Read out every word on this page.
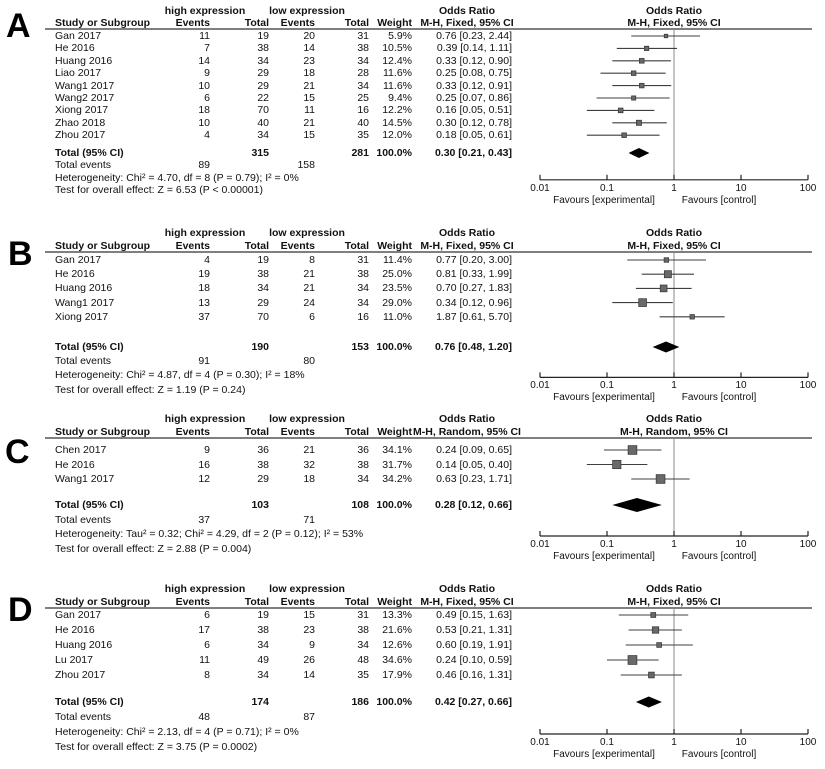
A	high expression	low expression	Odds Ratio	Odds Ratio
Study or Subgroup	Events	Total	Events	Total Weight M-H, Fixed, 95% CI	M-H, Fixed, 95% CI
Gan 2017	11	19	20	31	5.9%	0.76 [0.23, 2.44]
He 2016	7	38	14	38	10.5%	0.39 [0.14, 1.11]
Huang 2016	14	34	23	34	12.4%	0.33 [0.12, 0.90]
Liao 2017	9	29	18	28	11.6%	0.25 [0.08, 0.75]
Wang1 2017	10	29	21	34	11.6%	0.33 [0.12, 0.91]
Wang2 2017	6	22	15	25	9.4%	0.25 [0.07, 0.86]
Xiong 2017	18	70	11	16	12.2%	0.16 [0.05, 0.51]
Zhao 2018	10	40	21	40	14.5%	0.30 [0.12, 0.78]
Zhou 2017	4	34	15	35	12.0%	0.18 [0.05, 0.61]
Total (95% CI)	315	281 100.0%	0.30 [0.21, 0.43]
Total events	89	158
Heterogeneity: Chi² = 4.70, df = 8 (P = 0.79); I² = 0%
Test for overall effect: Z = 6.53 (P < 0.00001)	0.01	0.1	1	10	100
Favours [experimental]	Favours [control]
B
high expression	low expression	Odds Ratio	Odds Ratio
Study or Subgroup	Events	Total	Events	Total Weight M-H, Fixed, 95% CI	M-H, Fixed, 95% CI
Gan 2017	4	19	8	31	11.4%	0.77 [0.20, 3.00]
He 2016	19	38	21	38	25.0%	0.81 [0.33, 1.99]
Huang 2016	18	34	21	34	23.5%	0.70 [0.27, 1.83]
Wang1 2017	13	29	24	34	29.0%	0.34 [0.12, 0.96]
Xiong 2017	37	70	6	16	11.0%	1.87 [0.61, 5.70]
Total (95% CI)	190	153 100.0%	0.76 [0.48, 1.20]
Total events	91	80
Heterogeneity: Chi² = 4.87, df = 4 (P = 0.30); I² = 18%
Test for overall effect: Z = 1.19 (P = 0.24)	0.01	0.1	1	10	100
Favours [experimental]	Favours [control]
C
high expression	low expression	Odds Ratio	Odds Ratio
Study or Subgroup	Events	Total	Events	Total Weight M-H, Random, 95% CI	M-H, Random, 95% CI
Chen 2017	9	36	21	36	34.1%	0.24 [0.09, 0.65]
He 2016	16	38	32	38	31.7%	0.14 [0.05, 0.40]
Wang1 2017	12	29	18	34	34.2%	0.63 [0.23, 1.71]
Total (95% CI)	103	108 100.0%	0.28 [0.12, 0.66]
Total events	37	71
Heterogeneity: Tau² = 0.32; Chi² = 4.29, df = 2 (P = 0.12); I² = 53%
Test for overall effect: Z = 2.88 (P = 0.004)	0.01	0.1	1	10	100
Favours [experimental]	Favours [control]
D
high expression	low expression	Odds Ratio	Odds Ratio
Study or Subgroup	Events	Total	Events	Total Weight M-H, Fixed, 95% CI	M-H, Fixed, 95% CI
Gan 2017	6	19	15	31	13.3%	0.49 [0.15, 1.63]
He 2016	17	38	23	38	21.6%	0.53 [0.21, 1.31]
Huang 2016	6	34	9	34	12.6%	0.60 [0.19, 1.91]
Lu 2017	11	49	26	48	34.6%	0.24 [0.10, 0.59]
Zhou 2017	8	34	14	35	17.9%	0.46 [0.16, 1.31]
Total (95% CI)	174	186 100.0%	0.42 [0.27, 0.66]
Total events	48	87
Heterogeneity: Chi² = 2.13, df = 4 (P = 0.71); I² = 0%
Test for overall effect: Z = 3.75 (P = 0.0002)	0.01	0.1	1	10	100
Favours [experimental]	Favours [control]
